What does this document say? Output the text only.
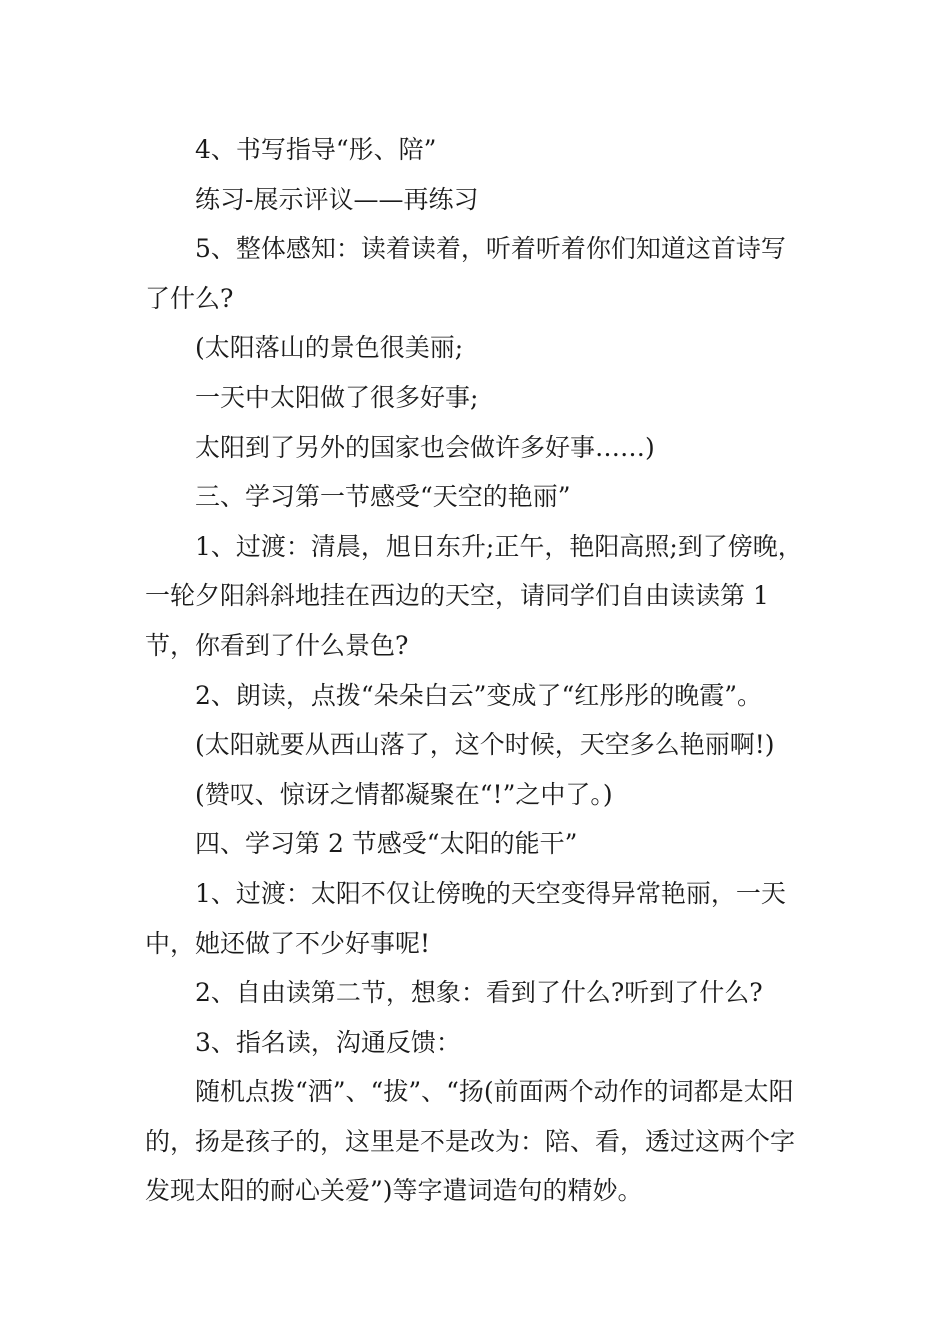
4、书写指导“彤、陪”

练习-展示评议——再练习

5、整体感知：读着读着，听着听着你们知道这首诗写了什么?

(太阳落山的景色很美丽;

一天中太阳做了很多好事;

太阳到了另外的国家也会做许多好事……)

三、学习第一节感受“天空的艳丽”

1、过渡：清晨，旭日东升;正午，艳阳高照;到了傍晚，一轮夕阳斜斜地挂在西边的天空，请同学们自由读读第 1 节，你看到了什么景色?

2、朗读，点拨“朵朵白云”变成了“红彤彤的晚霞”。

(太阳就要从西山落了，这个时候，天空多么艳丽啊!)

(赞叹、惊讶之情都凝聚在“!”之中了。)

四、学习第 2 节感受“太阳的能干”

1、过渡：太阳不仅让傍晚的天空变得异常艳丽，一天中，她还做了不少好事呢!

2、自由读第二节，想象：看到了什么?听到了什么?

3、指名读，沟通反馈：

随机点拨“洒”、“拔”、“扬(前面两个动作的词都是太阳的，扬是孩子的，这里是不是改为：陪、看，透过这两个字发现太阳的耐心关爱”)等字遣词造句的精妙。
